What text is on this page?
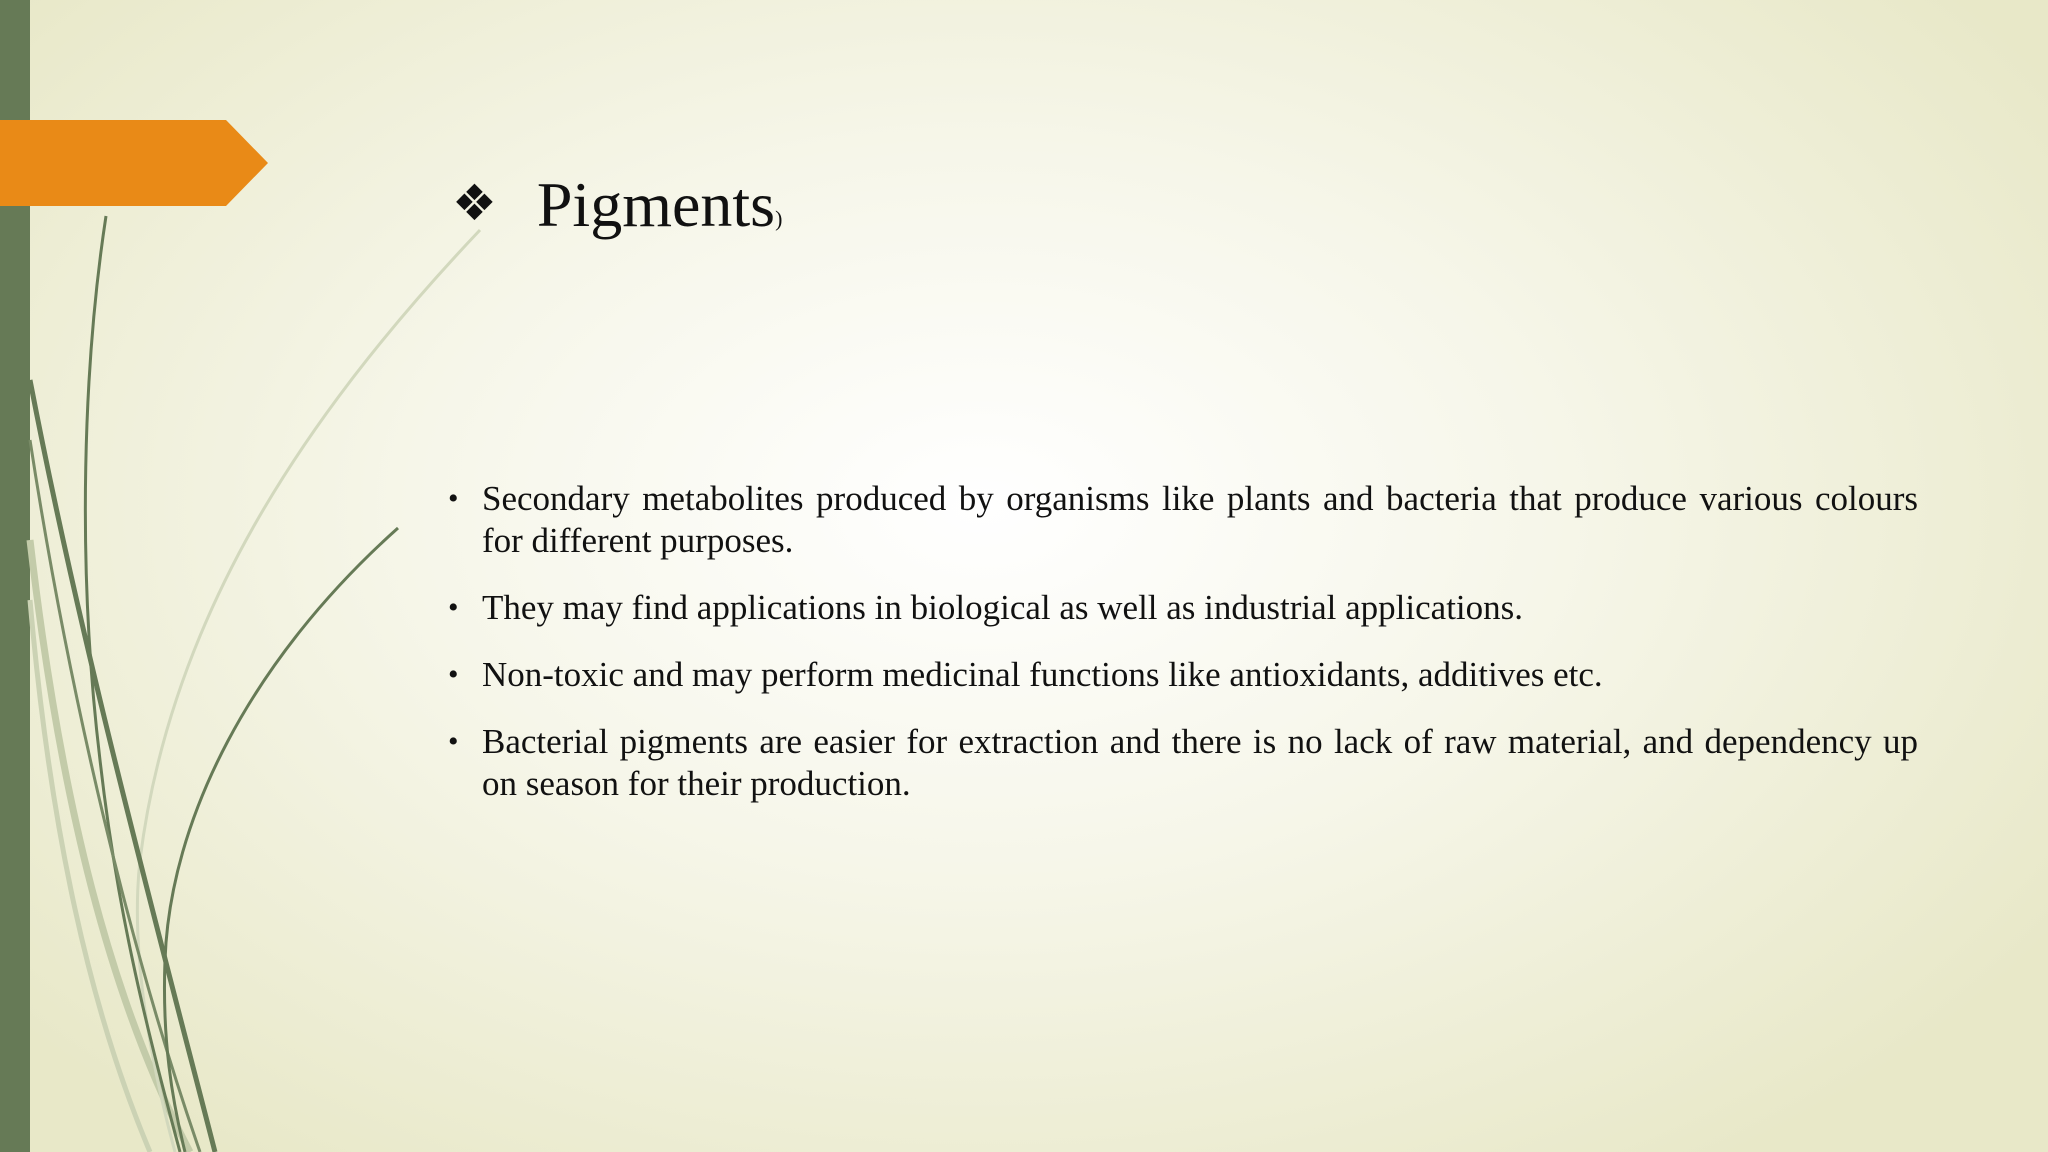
❖ Pigments)
• Secondary metabolites produced by organisms like plants and bacteria that produce various colours for different purposes.
• They may find applications in biological as well as industrial applications.
• Non-toxic and may perform medicinal functions like antioxidants, additives etc.
• Bacterial pigments are easier for extraction and there is no lack of raw material, and dependency up on season for their production.
